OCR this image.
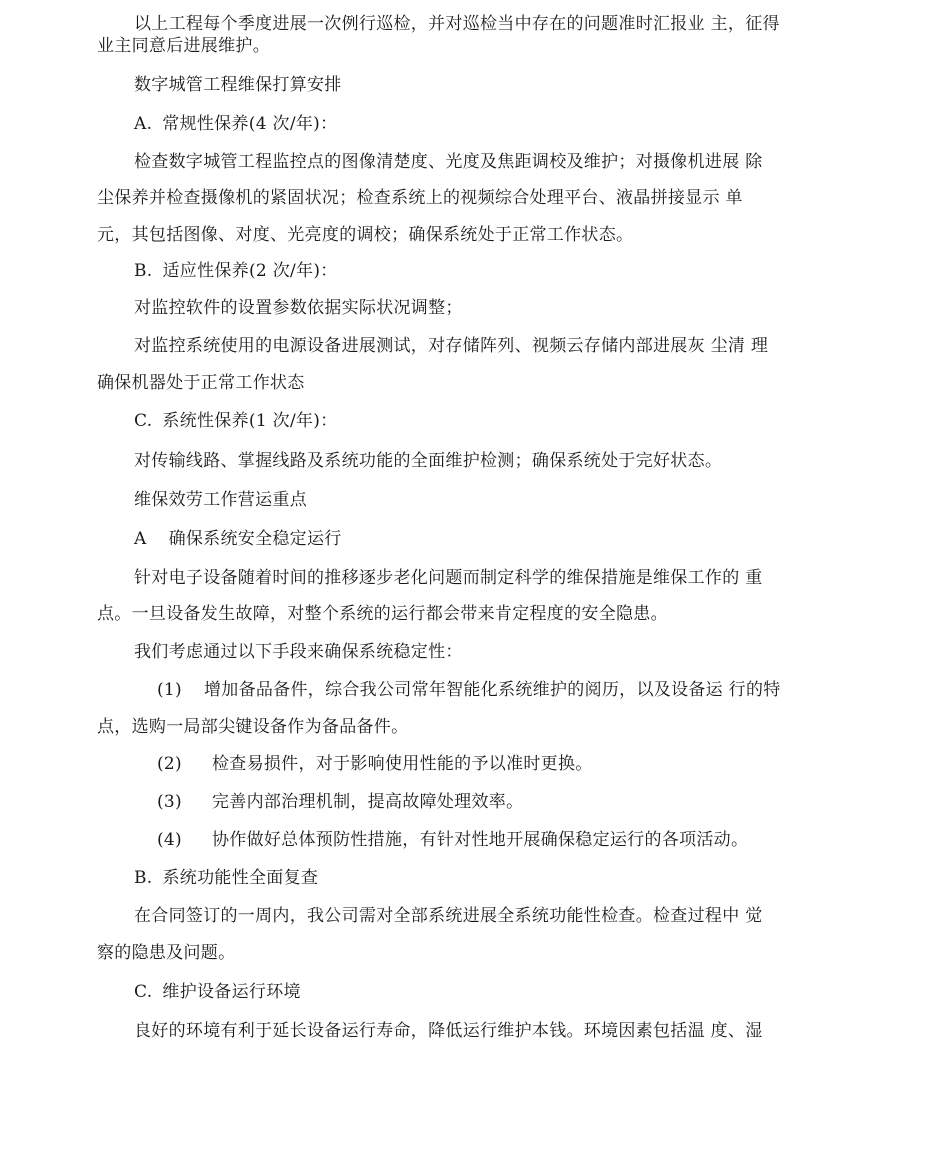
以上工程每个季度进展一次例行巡检，并对巡检当中存在的问题准时汇报业 主，征得

业主同意后进展维护。

数字城管工程维保打算安排

A. 常规性保养(4 次/年)：

检查数字城管工程监控点的图像清楚度、光度及焦距调校及维护；对摄像机进展 除

尘保养并检查摄像机的紧固状况；检查系统上的视频综合处理平台、液晶拼接显示 单

元，其包括图像、对度、光亮度的调校；确保系统处于正常工作状态。

B. 适应性保养(2 次/年)：

对监控软件的设置参数依据实际状况调整；

对监控系统使用的电源设备进展测试，对存储阵列、视频云存储内部进展灰 尘清 理

确保机器处于正常工作状态

C. 系统性保养(1 次/年)：

对传输线路、掌握线路及系统功能的全面维护检测；确保系统处于完好状态。

维保效劳工作营运重点

A 确保系统安全稳定运行

针对电子设备随着时间的推移逐步老化问题而制定科学的维保措施是维保工作的 重

点。一旦设备发生故障，对整个系统的运行都会带来肯定程度的安全隐患。

我们考虑通过以下手段来确保系统稳定性：

(1) 增加备品备件，综合我公司常年智能化系统维护的阅历，以及设备运 行的特

点，选购一局部尖键设备作为备品备件。

(2) 检查易损件，对于影响使用性能的予以准时更换。

(3) 完善内部治理机制，提高故障处理效率。

(4) 协作做好总体预防性措施，有针对性地开展确保稳定运行的各项活动。

B. 系统功能性全面复查

在合同签订的一周内，我公司需对全部系统进展全系统功能性检查。检查过程中 觉

察的隐患及问题。

C. 维护设备运行环境

良好的环境有利于延长设备运行寿命，降低运行维护本钱。环境因素包括温 度、湿
